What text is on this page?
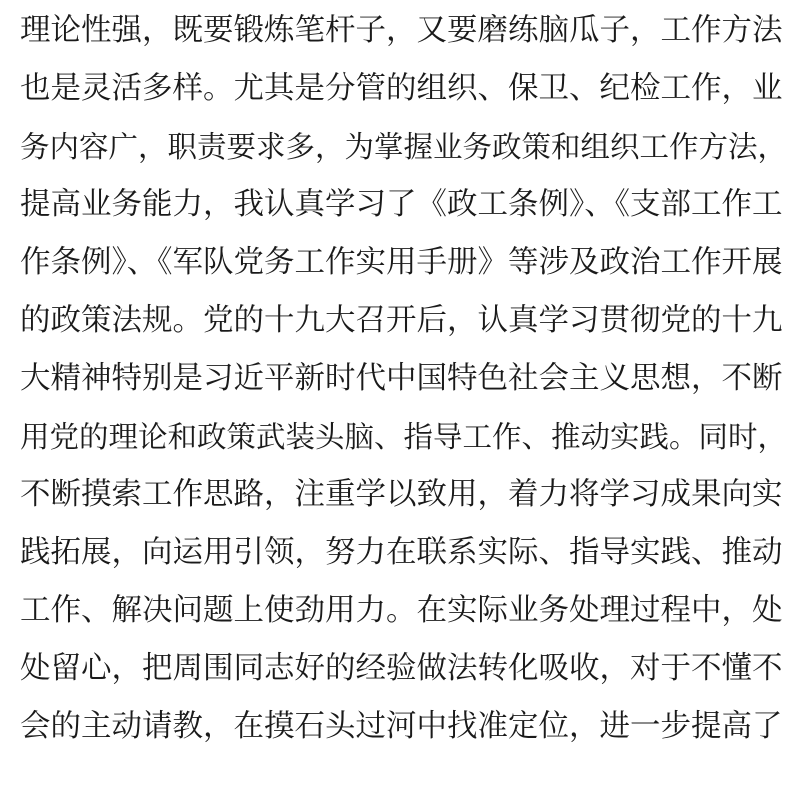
理论性强，既要锻炼笔杆子，又要磨练脑瓜子，工作方法
也是灵活多样。尤其是分管的组织、保卫、纪检工作，业
务内容广，职责要求多，为掌握业务政策和组织工作方法，
提高业务能力，我认真学习了《政工条例》、《支部工作工
作条例》、《军队党务工作实用手册》等涉及政治工作开展
的政策法规。党的十九大召开后，认真学习贯彻党的十九
大精神特别是习近平新时代中国特色社会主义思想，不断
用党的理论和政策武装头脑、指导工作、推动实践。同时，
不断摸索工作思路，注重学以致用，着力将学习成果向实
践拓展，向运用引领，努力在联系实际、指导实践、推动
工作、解决问题上使劲用力。在实际业务处理过程中，处
处留心，把周围同志好的经验做法转化吸收，对于不懂不
会的主动请教，在摸石头过河中找准定位，进一步提高了
